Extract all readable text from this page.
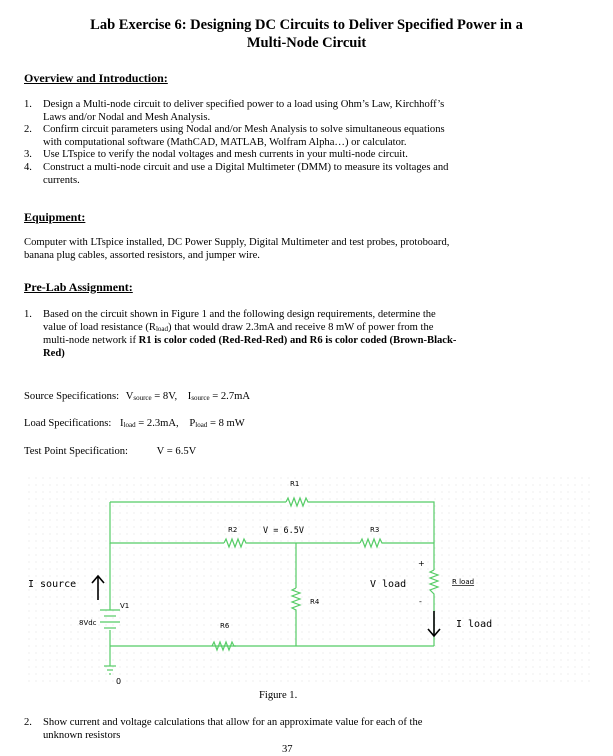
Lab Exercise 6: Designing DC Circuits to Deliver Specified Power in a
Multi-Node Circuit
Overview and Introduction:
1. Design a Multi-node circuit to deliver specified power to a load using Ohm’s Law, Kirchhoff’s
Laws and/or Nodal and Mesh Analysis.
2. Confirm circuit parameters using Nodal and/or Mesh Analysis to solve simultaneous equations
with computational software (MathCAD, MATLAB, Wolfram Alpha…) or calculator.
3. Use LTspice to verify the nodal voltages and mesh currents in your multi-node circuit.
4. Construct a multi-node circuit and use a Digital Multimeter (DMM) to measure its voltages and
currents.
Equipment:
Computer with LTspice installed, DC Power Supply, Digital Multimeter and test probes, protoboard,
banana plug cables, assorted resistors, and jumper wire.
Pre-Lab Assignment:
1. Based on the circuit shown in Figure 1 and the following design requirements, determine the
value of load resistance (Rload) that would draw 2.3mA and receive 8 mW of power from the
multi-node network if R1 is color coded (Red-Red-Red) and R6 is color coded (Brown-Black-
Red)
Source Specifications: Vsource = 8V, Isource = 2.7mA
Load Specifications: Iload = 2.3mA, Pload = 8 mW
Test Point Specification:	V = 6.5V
R1
R2	R3
R4
R6
V = 6.5V
I source	V load	R load
I load
V1
8Vdc
0
+
-
Figure 1.
2. Show current and voltage calculations that allow for an approximate value for each of the
unknown resistors
37
